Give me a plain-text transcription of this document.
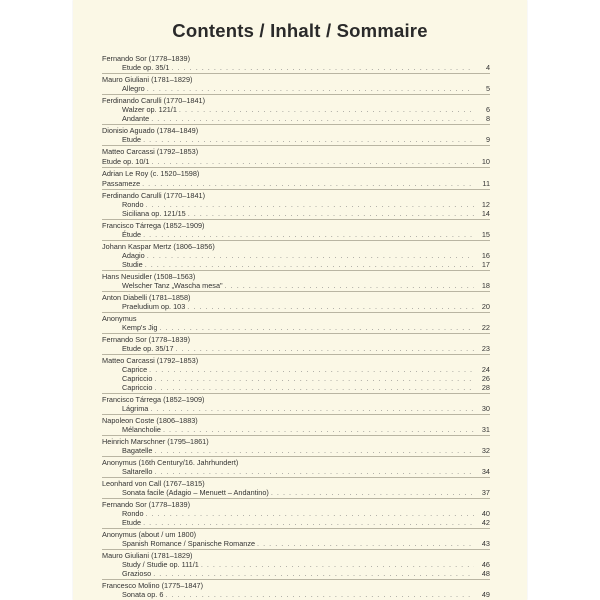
Contents / Inhalt / Sommaire
Fernando Sor (1778–1839)
Etude op. 35/1 . . .	4
Mauro Giuliani (1781–1829)
Allegro . . .	5
Ferdinando Carulli (1770–1841)
Walzer op. 121/1 . . .	6
Andante . . .	8
Dionisio Aguado (1784–1849)
Etude . . .	9
Matteo Carcassi (1792–1853)
Etude op. 10/1 . . .	10
Adrian Le Roy (c. 1520–1598)
Passameze . . .	11
Ferdinando Carulli (1770–1841)
Rondo . . .	12
Siciliana op. 121/15 . . .	14
Francisco Tárrega (1852–1909)
Étude . . .	15
Johann Kaspar Mertz (1806–1856)
Adagio . . .	16
Studie . . .	17
Hans Neusidler (1508–1563)
Welscher Tanz „Wascha mesa" . . .	18
Anton Diabelli (1781–1858)
Praeludium op. 103 . . .	20
Anonymus
Kemp's Jig . . .	22
Fernando Sor (1778–1839)
Etude op. 35/17 . . .	23
Matteo Carcassi (1792–1853)
Caprice . . .	24
Capriccio . . .	26
Capriccio . . .	28
Francisco Tárrega (1852–1909)
Lágrima . . .	30
Napoleon Coste (1806–1883)
Mélancholie . . .	31
Heinrich Marschner (1795–1861)
Bagatelle . . .	32
Anonymus (16th Century/16. Jahrhundert)
Saltarello . . .	34
Leonhard von Call (1767–1815)
Sonata facile (Adagio – Menuett – Andantino) . . .	37
Fernando Sor (1778–1839)
Rondo . . .	40
Etude . . .	42
Anonymus (about / um 1800)
Spanish Romance / Spanische Romanze . . .	43
Mauro Giuliani (1781–1829)
Study / Studie op. 111/1 . . .	46
Grazioso . . .	48
Francesco Molino (1775–1847)
Sonata op. 6 . . .	49
